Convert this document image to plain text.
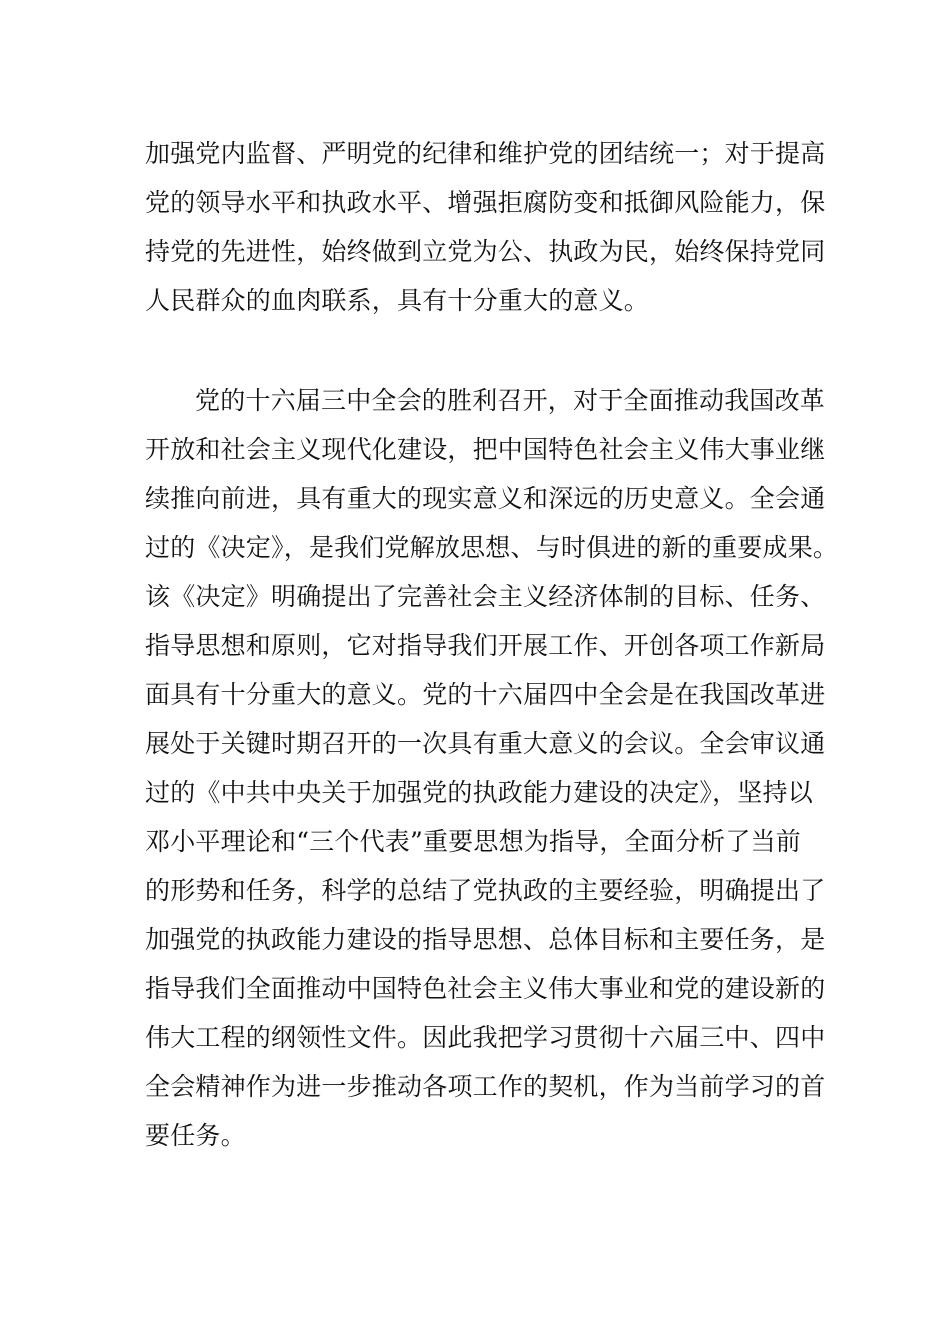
加强党内监督、严明党的纪律和维护党的团结统一；对于提高
党的领导水平和执政水平、增强拒腐防变和抵御风险能力，保
持党的先进性，始终做到立党为公、执政为民，始终保持党同
人民群众的血肉联系，具有十分重大的意义。
党的十六届三中全会的胜利召开，对于全面推动我国改革
开放和社会主义现代化建设，把中国特色社会主义伟大事业继
续推向前进，具有重大的现实意义和深远的历史意义。全会通
过的《决定》，是我们党解放思想、与时俱进的新的重要成果。
该《决定》明确提出了完善社会主义经济体制的目标、任务、
指导思想和原则，它对指导我们开展工作、开创各项工作新局
面具有十分重大的意义。党的十六届四中全会是在我国改革进
展处于关键时期召开的一次具有重大意义的会议。全会审议通
过的《中共中央关于加强党的执政能力建设的决定》，坚持以
邓小平理论和“三个代表”重要思想为指导，全面分析了当前
的形势和任务，科学的总结了党执政的主要经验，明确提出了
加强党的执政能力建设的指导思想、总体目标和主要任务，是
指导我们全面推动中国特色社会主义伟大事业和党的建设新的
伟大工程的纲领性文件。因此我把学习贯彻十六届三中、四中
全会精神作为进一步推动各项工作的契机，作为当前学习的首
要任务。
